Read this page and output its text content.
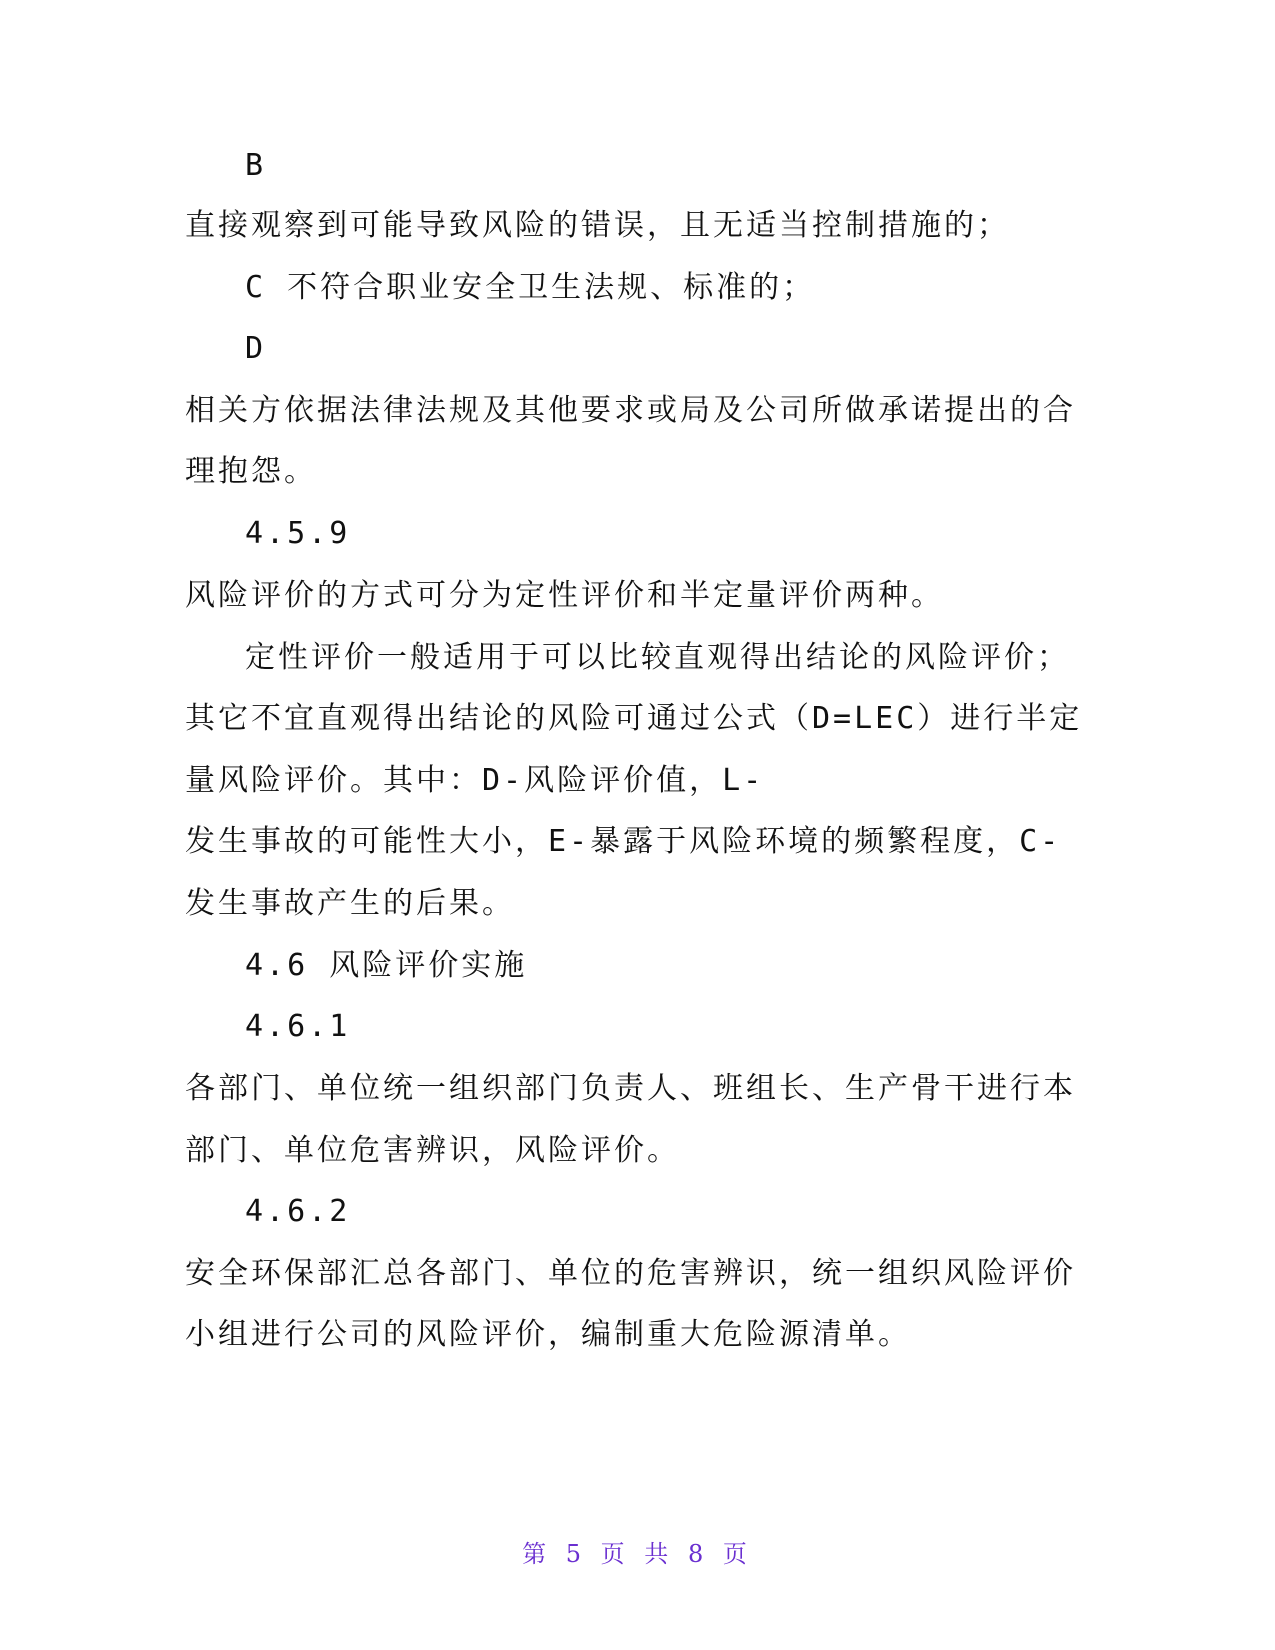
B
直接观察到可能导致风险的错误，且无适当控制措施的；
C 不符合职业安全卫生法规、标准的；
D
相关方依据法律法规及其他要求或局及公司所做承诺提出的合
理抱怨。
4.5.9
风险评价的方式可分为定性评价和半定量评价两种。
定性评价一般适用于可以比较直观得出结论的风险评价；
其它不宜直观得出结论的风险可通过公式（D=LEC）进行半定
量风险评价。其中：D-风险评价值，L-
发生事故的可能性大小，E-暴露于风险环境的频繁程度，C-
发生事故产生的后果。
4.6 风险评价实施
4.6.1
各部门、单位统一组织部门负责人、班组长、生产骨干进行本
部门、单位危害辨识，风险评价。
4.6.2
安全环保部汇总各部门、单位的危害辨识，统一组织风险评价
小组进行公司的风险评价，编制重大危险源清单。
第 5 页 共 8 页
